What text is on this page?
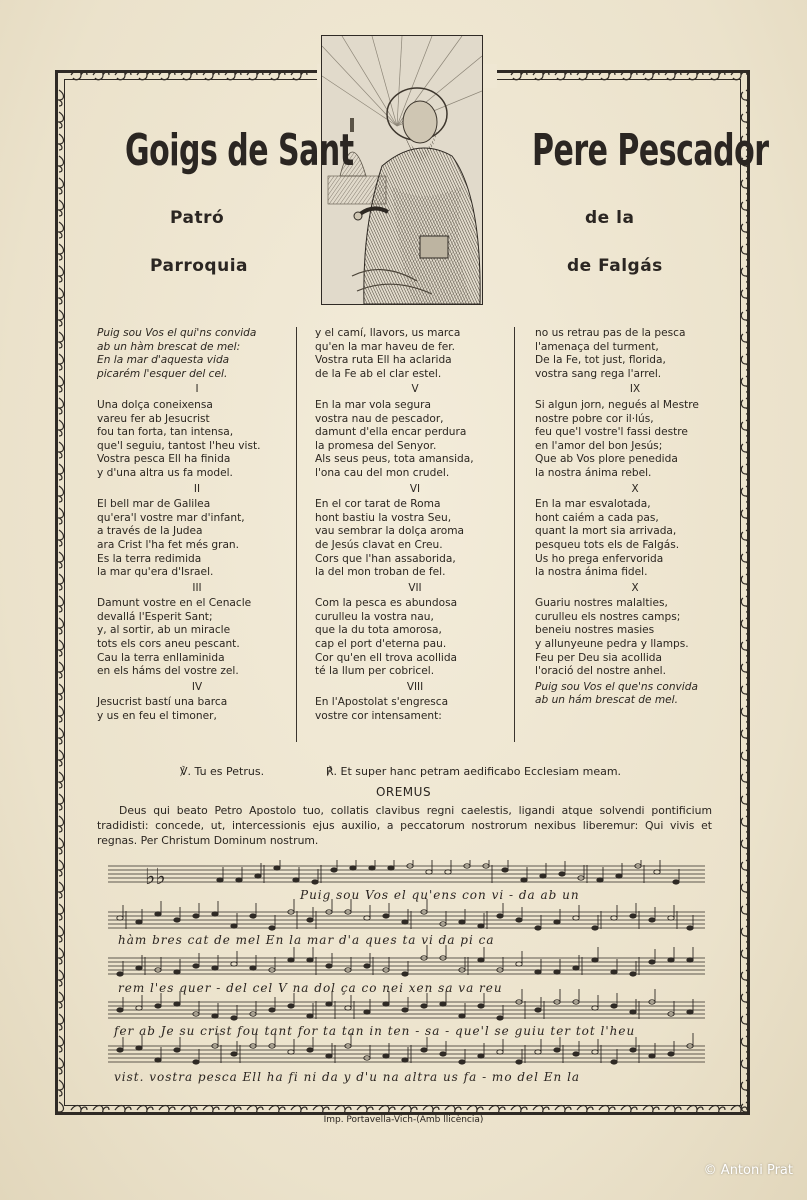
Goigs de Sant	Pere Pescador
Patró	de la
Parroquia	de Falgás
Puig sou Vos el qui'ns convida
ab un hàm brescat de mel:
En la mar d'aquesta vida
picarém l'esquer del cel.
I
Una dolça coneixensa
vareu fer ab Jesucrist
fou tan forta, tan intensa,
que'l seguiu, tantost l'heu vist.
Vostra pesca Ell ha finida
y d'una altra us fa model.
II
El bell mar de Galilea
qu'era'l vostre mar d'infant,
a través de la Judea
ara Crist l'ha fet més gran.
Es la terra redimida
la mar qu'era d'Israel.
III
Damunt vostre en el Cenacle
devallá l'Esperit Sant;
y, al sortir, ab un miracle
tots els cors aneu pescant.
Cau la terra enllaminida
en els háms del vostre zel.
IV
Jesucrist bastí una barca
y us en feu el timoner,
y el camí, llavors, us marca
qu'en la mar haveu de fer.
Vostra ruta Ell ha aclarida
de la Fe ab el clar estel.
V
En la mar vola segura
vostra nau de pescador,
damunt d'ella encar perdura
la promesa del Senyor.
Als seus peus, tota amansida,
l'ona cau del mon crudel.
VI
En el cor tarat de Roma
hont bastiu la vostra Seu,
vau sembrar la dolça aroma
de Jesús clavat en Creu.
Cors que l'han assaborida,
la del mon troban de fel.
VII
Com la pesca es abundosa
curulleu la vostra nau,
que la du tota amorosa,
cap el port d'eterna pau.
Cor qu'en ell trova acollida
té la llum per cobricel.
VIII
En l'Apostolat s'engresca
vostre cor intensament:
no us retrau pas de la pesca
l'amenaça del turment,
De la Fe, tot just, florida,
vostra sang rega l'arrel.
IX
Si algun jorn, negués al Mestre
nostre pobre cor il·lús,
feu que'l vostre'l fassi destre
en l'amor del bon Jesús;
Que ab Vos plore penedida
la nostra ánima rebel.
X
En la mar esvalotada,
hont caiém a cada pas,
quant la mort sia arrivada,
pesqueu tots els de Falgás.
Us ho prega enfervorida
la nostra ánima fidel.
X
Guariu nostres malalties,
curulleu els nostres camps;
beneiu nostres masies
y allunyeune pedra y llamps.
Feu per Deu sia acollida
l'oració del nostre anhel.
Puig sou Vos el que'ns convida
ab un hám brescat de mel.
℣. Tu es Petrus.	℟. Et super hanc petram aedificabo Ecclesiam meam.
OREMUS
Deus qui beato Petro Apostolo tuo, collatis clavibus regni caelestis, ligandi atque solvendi pontificium tradidisti: concede, ut, intercessionis ejus auxilio, a peccatorum nostrorum nexibus liberemur: Qui vivis et regnas. Per Christum Dominum nostrum.
♭♭
Puig sou Vos el qu'ens con vi - da ab un
hàm bres cat de mel En la mar d'a ques ta vi da pi ca
rem l'es quer - del cel V na dol ça co nei xen sa va reu
fer ab Je su crist fou tant for ta tan in ten - sa - que'l se guiu ter tot l'heu
vist. vostra pesca Ell ha fi ni da y d'u na altra us fa - mo del En la
Imp. Portavella-Vich-(Amb llicència)
© Antoni Prat
